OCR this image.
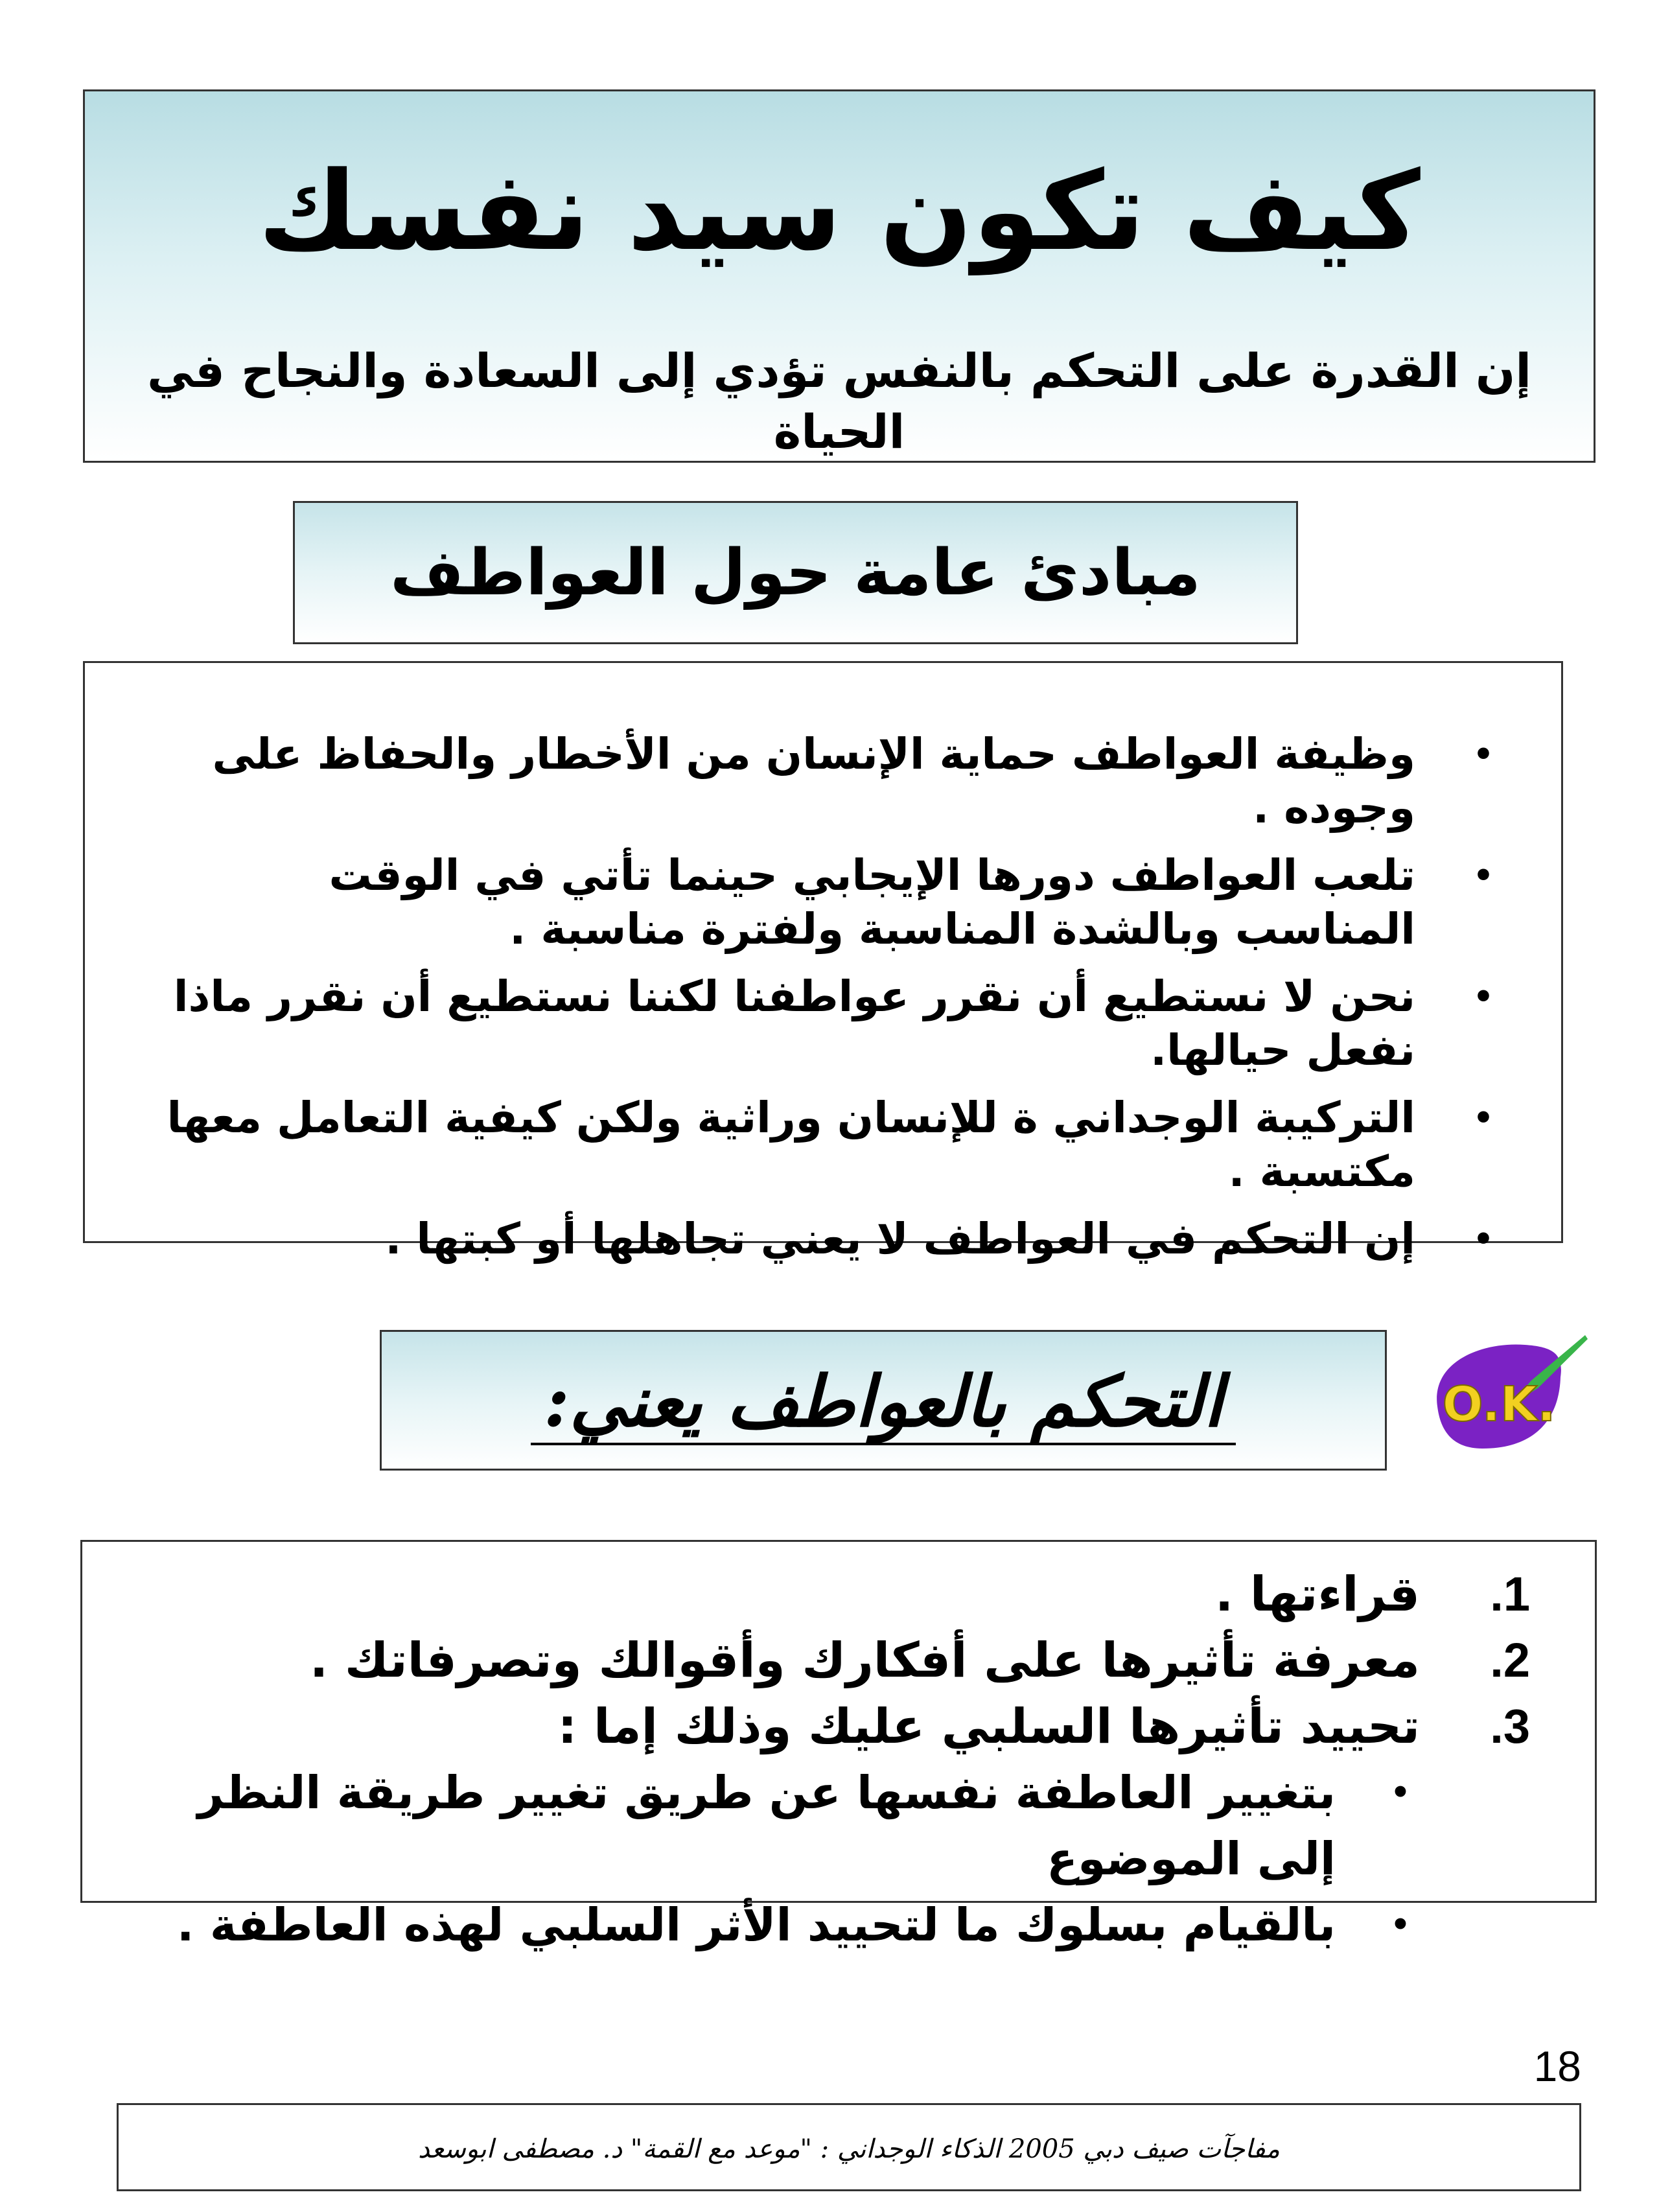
كيف تكون سيد نفسك
إن القدرة على التحكم بالنفس تؤدي إلى السعادة والنجاح في الحياة
مبادئ عامة حول العواطف
•
وظيفة العواطف حماية الإنسان من الأخطار والحفاظ على وجوده .
•
تلعب العواطف دورها الإيجابي حينما تأتي في الوقت المناسب وبالشدة المناسبة ولفترة مناسبة .
•
نحن لا نستطيع أن نقرر عواطفنا لكننا نستطيع أن نقرر ماذا نفعل حيالها.
•
التركيبة الوجداني ة للإنسان وراثية ولكن كيفية التعامل معها مكتسبة .
•
إن التحكم في العواطف لا يعني تجاهلها أو كبتها .
التحكم بالعواطف يعني:	O.K.
.1
قراءتها .
.2
معرفة تأثيرها على أفكارك وأقوالك وتصرفاتك .
.3
تحييد تأثيرها السلبي عليك وذلك إما :
•
بتغيير العاطفة نفسها عن طريق تغيير طريقة النظر إلى الموضوع
•
بالقيام بسلوك ما لتحييد الأثر السلبي لهذه العاطفة .
18
مفاجآت صيف دبي 2005 الذكاء الوجداني : "موعد مع القمة" د. مصطفى ابوسعد
